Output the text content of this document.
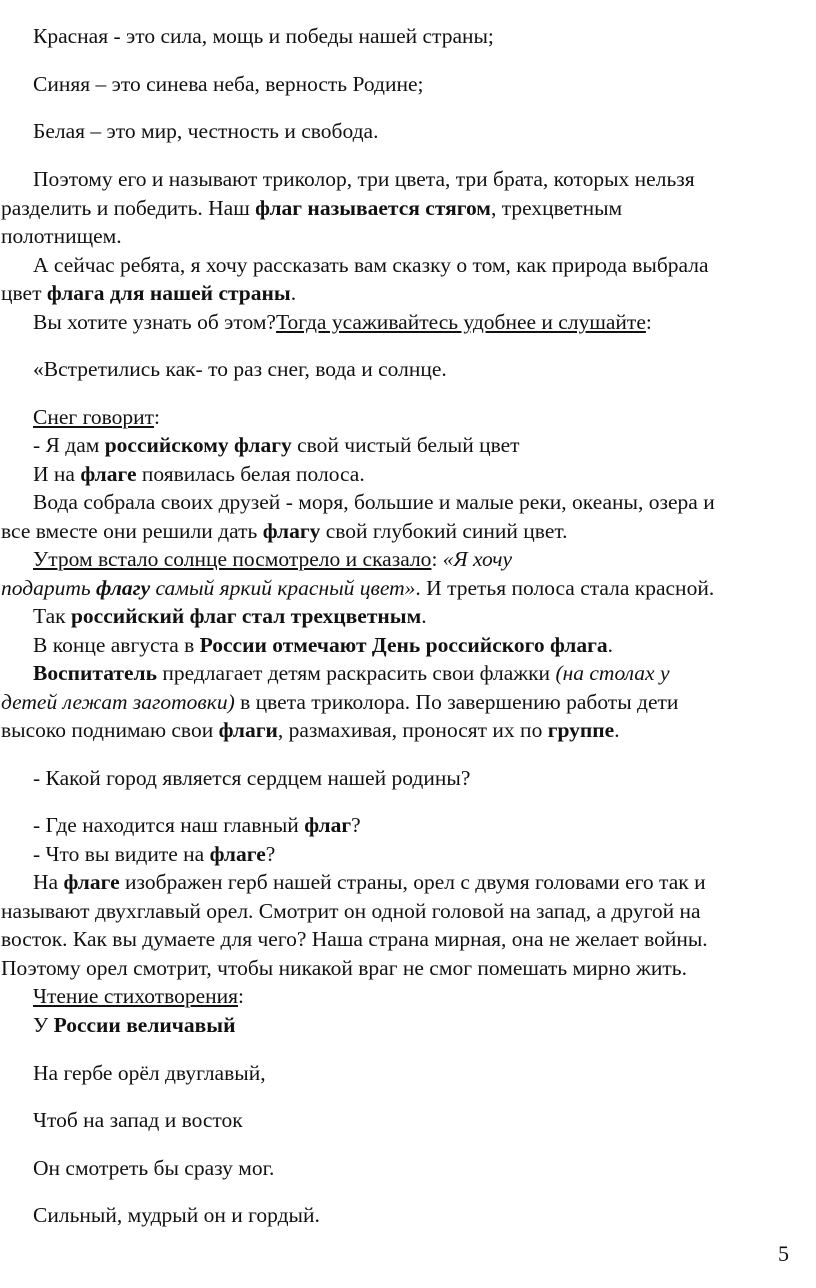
Красная - это сила, мощь и победы нашей страны;
Синяя – это синева неба, верность Родине;
Белая – это мир, честность и свобода.
Поэтому его и называют триколор, три цвета, три брата, которых нельзя
разделить и победить. Наш флаг называется стягом, трехцветным
полотнищем.
А сейчас ребята, я хочу рассказать вам сказку о том, как природа выбрала
цвет флага для нашей страны.
Вы хотите узнать об этом?Тогда усаживайтесь удобнее и слушайте:
«Встретились как- то раз снег, вода и солнце.
Снег говорит:
- Я дам российскому флагу свой чистый белый цвет
И на флаге появилась белая полоса.
Вода собрала своих друзей - моря, большие и малые реки, океаны, озера и
все вместе они решили дать флагу свой глубокий синий цвет.
Утром встало солнце посмотрело и сказало: «Я хочу
подарить флагу самый яркий красный цвет». И третья полоса стала красной.
Так российский флаг стал трехцветным.
В конце августа в России отмечают День российского флага.
Воспитатель предлагает детям раскрасить свои флажки (на столах у
детей лежат заготовки) в цвета триколора. По завершению работы дети
высоко поднимаю свои флаги, размахивая, проносят их по группе.
- Какой город является сердцем нашей родины?
- Где находится наш главный флаг?
- Что вы видите на флаге?
На флаге изображен герб нашей страны, орел с двумя головами его так и
называют двухглавый орел. Смотрит он одной головой на запад, а другой на
восток. Как вы думаете для чего? Наша страна мирная, она не желает войны.
Поэтому орел смотрит, чтобы никакой враг не смог помешать мирно жить.
Чтение стихотворения:
У России величавый
На гербе орёл двуглавый,
Чтоб на запад и восток
Он смотреть бы сразу мог.
Сильный, мудрый он и гордый.
5
